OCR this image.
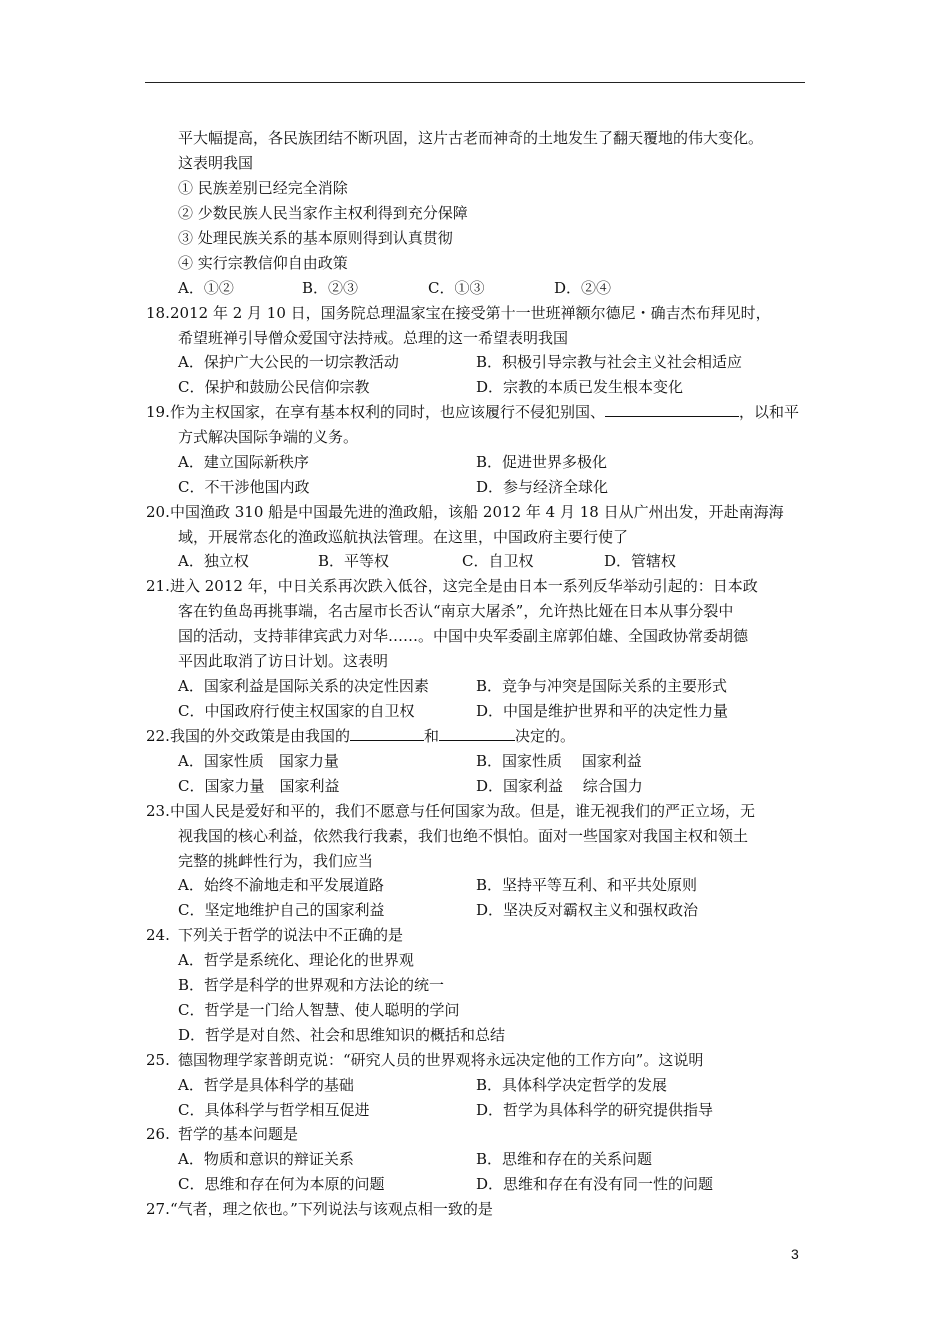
平大幅提高，各民族团结不断巩固，这片古老而神奇的土地发生了翻天覆地的伟大变化。
这表明我国
① 民族差别已经完全消除
② 少数民族人民当家作主权利得到充分保障
③ 处理民族关系的基本原则得到认真贯彻
④ 实行宗教信仰自由政策
A．①②	B．②③	C．①③	D．②④
18. 2012 年 2 月 10 日，国务院总理温家宝在接受第十一世班禅额尔德尼・确吉杰布拜见时，
希望班禅引导僧众爱国守法持戒。总理的这一希望表明我国
A．保护广大公民的一切宗教活动	B．积极引导宗教与社会主义社会相适应
C．保护和鼓励公民信仰宗教	D．宗教的本质已发生根本变化
19. 作为主权国家，在享有基本权利的同时，也应该履行不侵犯别国、	，以和平
方式解决国际争端的义务。
A．建立国际新秩序	B．促进世界多极化
C．不干涉他国内政	D．参与经济全球化
20. 中国渔政 310 船是中国最先进的渔政船，该船 2012 年 4 月 18 日从广州出发，开赴南海海
域，开展常态化的渔政巡航执法管理。在这里，中国政府主要行使了
A．独立权	B．平等权	C．自卫权	D．管辖权
21. 进入 2012 年，中日关系再次跌入低谷，这完全是由日本一系列反华举动引起的：日本政
客在钓鱼岛再挑事端，名古屋市长否认“南京大屠杀”，允许热比娅在日本从事分裂中
国的活动，支持菲律宾武力对华……。中国中央军委副主席郭伯雄、全国政协常委胡德
平因此取消了访日计划。这表明
A．国家利益是国际关系的决定性因素	B．竞争与冲突是国际关系的主要形式
C．中国政府行使主权国家的自卫权	D．中国是维护世界和平的决定性力量
22. 我国的外交政策是由我国的	和	决定的。
A．国家性质　国家力量	B．国家性质　 国家利益
C．国家力量　国家利益	D．国家利益　 综合国力
23. 中国人民是爱好和平的，我们不愿意与任何国家为敌。但是，谁无视我们的严正立场，无
视我国的核心利益，依然我行我素，我们也绝不惧怕。面对一些国家对我国主权和领土
完整的挑衅性行为，我们应当
A．始终不渝地走和平发展道路	B．坚持平等互利、和平共处原则
C．坚定地维护自己的国家利益	D．坚决反对霸权主义和强权政治
24. 下列关于哲学的说法中不正确的是
A．哲学是系统化、理论化的世界观
B．哲学是科学的世界观和方法论的统一
C．哲学是一门给人智慧、使人聪明的学问
D．哲学是对自然、社会和思维知识的概括和总结
25. 德国物理学家普朗克说：“研究人员的世界观将永远决定他的工作方向”。这说明
A．哲学是具体科学的基础	B．具体科学决定哲学的发展
C．具体科学与哲学相互促进	D．哲学为具体科学的研究提供指导
26. 哲学的基本问题是
A．物质和意识的辩证关系	B．思维和存在的关系问题
C．思维和存在何为本原的问题	D．思维和存在有没有同一性的问题
27. “气者，理之依也。”下列说法与该观点相一致的是
3
